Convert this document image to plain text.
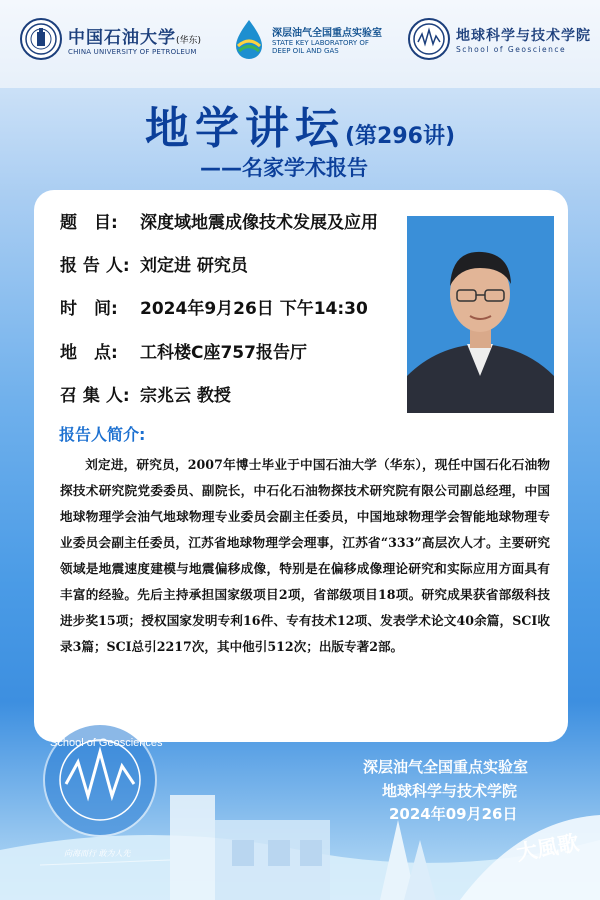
中国石油大学(华东)
CHINA UNIVERSITY OF PETROLEUM
深层油气全国重点实验室
STATE KEY LABORATORY OF
DEEP OIL AND GAS
地球科学与技术学院
School of Geoscience
地学讲坛(第296讲)
——名家学术报告
题　目: 深度域地震成像技术发展及应用
报 告 人: 刘定进 研究员
时　间: 2024年9月26日 下午14:30
地　点: 工科楼C座757报告厅
召 集 人: 宗兆云 教授
报告人简介:

刘定进，研究员，2007年博士毕业于中国石油大学（华东），现任中国石化石油物探技术研究院党委委员、副院长，中石化石油物探技术研究院有限公司副总经理，中国地球物理学会油气地球物理专业委员会副主任委员，中国地球物理学会智能地球物理专业委员会副主任委员，江苏省地球物理学会理事，江苏省“333”高层次人才。主要研究领域是地震速度建模与地震偏移成像，特别是在偏移成像理论研究和实际应用方面具有丰富的经验。先后主持承担国家级项目2项，省部级项目18项。研究成果获省部级科技进步奖15项；授权国家发明专利16件、专有技术12项、发表学术论文40余篇，SCI收录3篇；SCI总引2217次，其中他引512次；出版专著2部。

School of Geosciences
向海而行 敢为人先	大風歌
深层油气全国重点实验室
地球科学与技术学院
2024年09月26日
